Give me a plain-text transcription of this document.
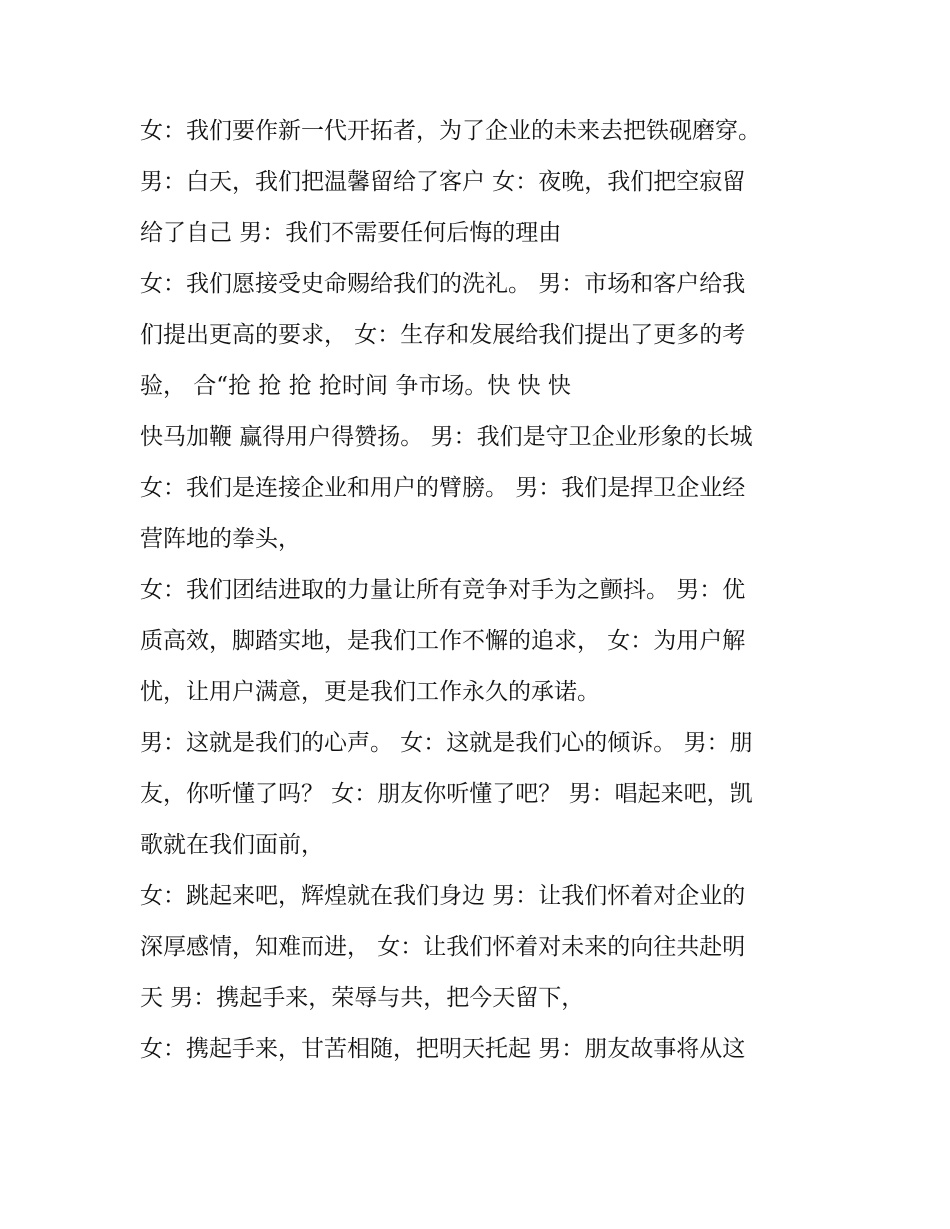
女：我们要作新一代开拓者，为了企业的未来去把铁砚磨穿。
男：白天，我们把温馨留给了客户 女：夜晚，我们把空寂留
给了自己 男：我们不需要任何后悔的理由
女：我们愿接受史命赐给我们的洗礼。 男：市场和客户给我
们提出更高的要求， 女：生存和发展给我们提出了更多的考
验， 合“抢 抢 抢 抢时间 争市场。快 快 快
快马加鞭 赢得用户得赞扬。 男：我们是守卫企业形象的长城
女：我们是连接企业和用户的臂膀。 男：我们是捍卫企业经
营阵地的拳头，
女：我们团结进取的力量让所有竞争对手为之颤抖。 男：优
质高效，脚踏实地，是我们工作不懈的追求， 女：为用户解
忧，让用户满意，更是我们工作永久的承诺。
男：这就是我们的心声。 女：这就是我们心的倾诉。 男：朋
友，你听懂了吗？ 女：朋友你听懂了吧？ 男：唱起来吧，凯
歌就在我们面前，
女：跳起来吧，辉煌就在我们身边 男：让我们怀着对企业的
深厚感情，知难而进， 女：让我们怀着对未来的向往共赴明
天 男：携起手来，荣辱与共，把今天留下，
女：携起手来，甘苦相随，把明天托起 男：朋友故事将从这
